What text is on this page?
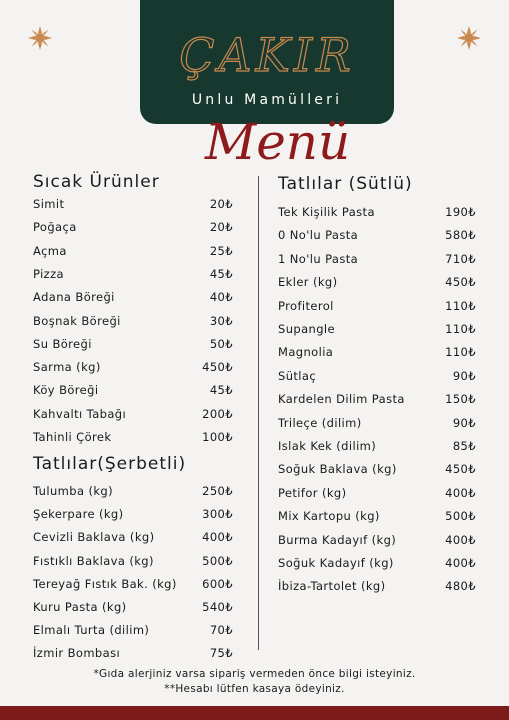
ÇAKIR
Unlu Mamülleri
Menü
Sıcak Ürünler
Simit	20₺
Poğaça	20₺
Açma	25₺
Pizza	45₺
Adana Böreği	40₺
Boşnak Böreği	30₺
Su Böreği	50₺
Sarma (kg)	450₺
Köy Böreği	45₺
Kahvaltı Tabağı	200₺
Tahinli Çörek	100₺
Tatlılar(Şerbetli)
Tulumba (kg)	250₺
Şekerpare (kg)	300₺
Cevizli Baklava (kg)	400₺
Fıstıklı Baklava (kg)	500₺
Tereyağ Fıstık Bak. (kg) 600₺
Kuru Pasta (kg)	540₺
Elmalı Turta (dilim)	70₺
İzmir Bombası	75₺
Tatlılar (Sütlü)
Tek Kişilik Pasta	190₺
0 No'lu Pasta	580₺
1 No'lu Pasta	710₺
Ekler (kg)	450₺
Profiterol	110₺
Supangle	110₺
Magnolia	110₺
Sütlaç	90₺
Kardelen Dilim Pasta	150₺
Trileçe (dilim)	90₺
Islak Kek (dilim)	85₺
Soğuk Baklava (kg)	450₺
Petifor (kg)	400₺
Mix Kartopu (kg)	500₺
Burma Kadayıf (kg)	400₺
Soğuk Kadayıf (kg)	400₺
İbiza-Tartolet (kg)	480₺
*Gıda alerjiniz varsa sipariş vermeden önce bilgi isteyiniz.
**Hesabı lütfen kasaya ödeyiniz.
